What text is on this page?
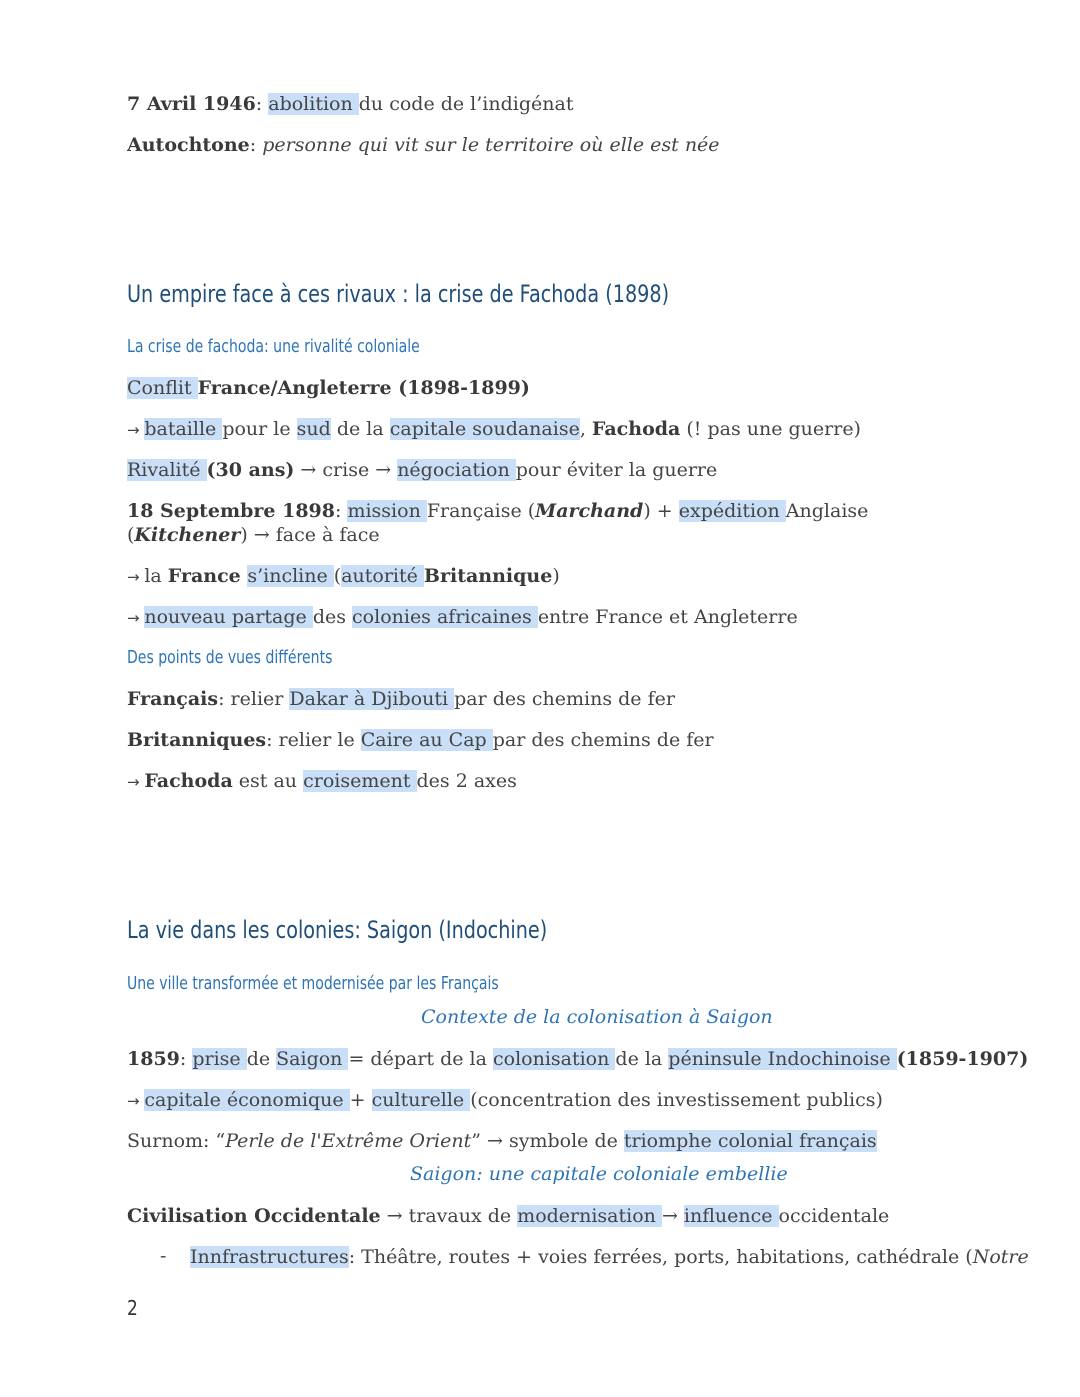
7 Avril 1946: abolition du code de l’indigénat
Autochtone: personne qui vit sur le territoire où elle est née
Un empire face à ces rivaux : la crise de Fachoda (1898)
La crise de fachoda: une rivalité coloniale
Conflit France/Angleterre (1898-1899)
→ bataille pour le sud de la capitale soudanaise, Fachoda (! pas une guerre)
Rivalité (30 ans) → crise → négociation pour éviter la guerre
18 Septembre 1898: mission Française (Marchand) + expédition Anglaise (Kitchener) → face à face
→ la France s’incline (autorité Britannique)
→ nouveau partage des colonies africaines entre France et Angleterre
Des points de vues différents
Français: relier Dakar à Djibouti par des chemins de fer
Britanniques: relier le Caire au Cap par des chemins de fer
→ Fachoda est au croisement des 2 axes
La vie dans les colonies: Saigon (Indochine)
Une ville transformée et modernisée par les Français
Contexte de la colonisation à Saigon
1859: prise de Saigon = départ de la colonisation de la péninsule Indochinoise (1859-1907)
→ capitale économique + culturelle (concentration des investissement publics)
Surnom: “Perle de l'Extrême Orient” → symbole de triomphe colonial français
Saigon: une capitale coloniale embellie
Civilisation Occidentale → travaux de modernisation → influence occidentale
- Innfrastructures: Théâtre, routes + voies ferrées, ports, habitations, cathédrale (Notre
2
